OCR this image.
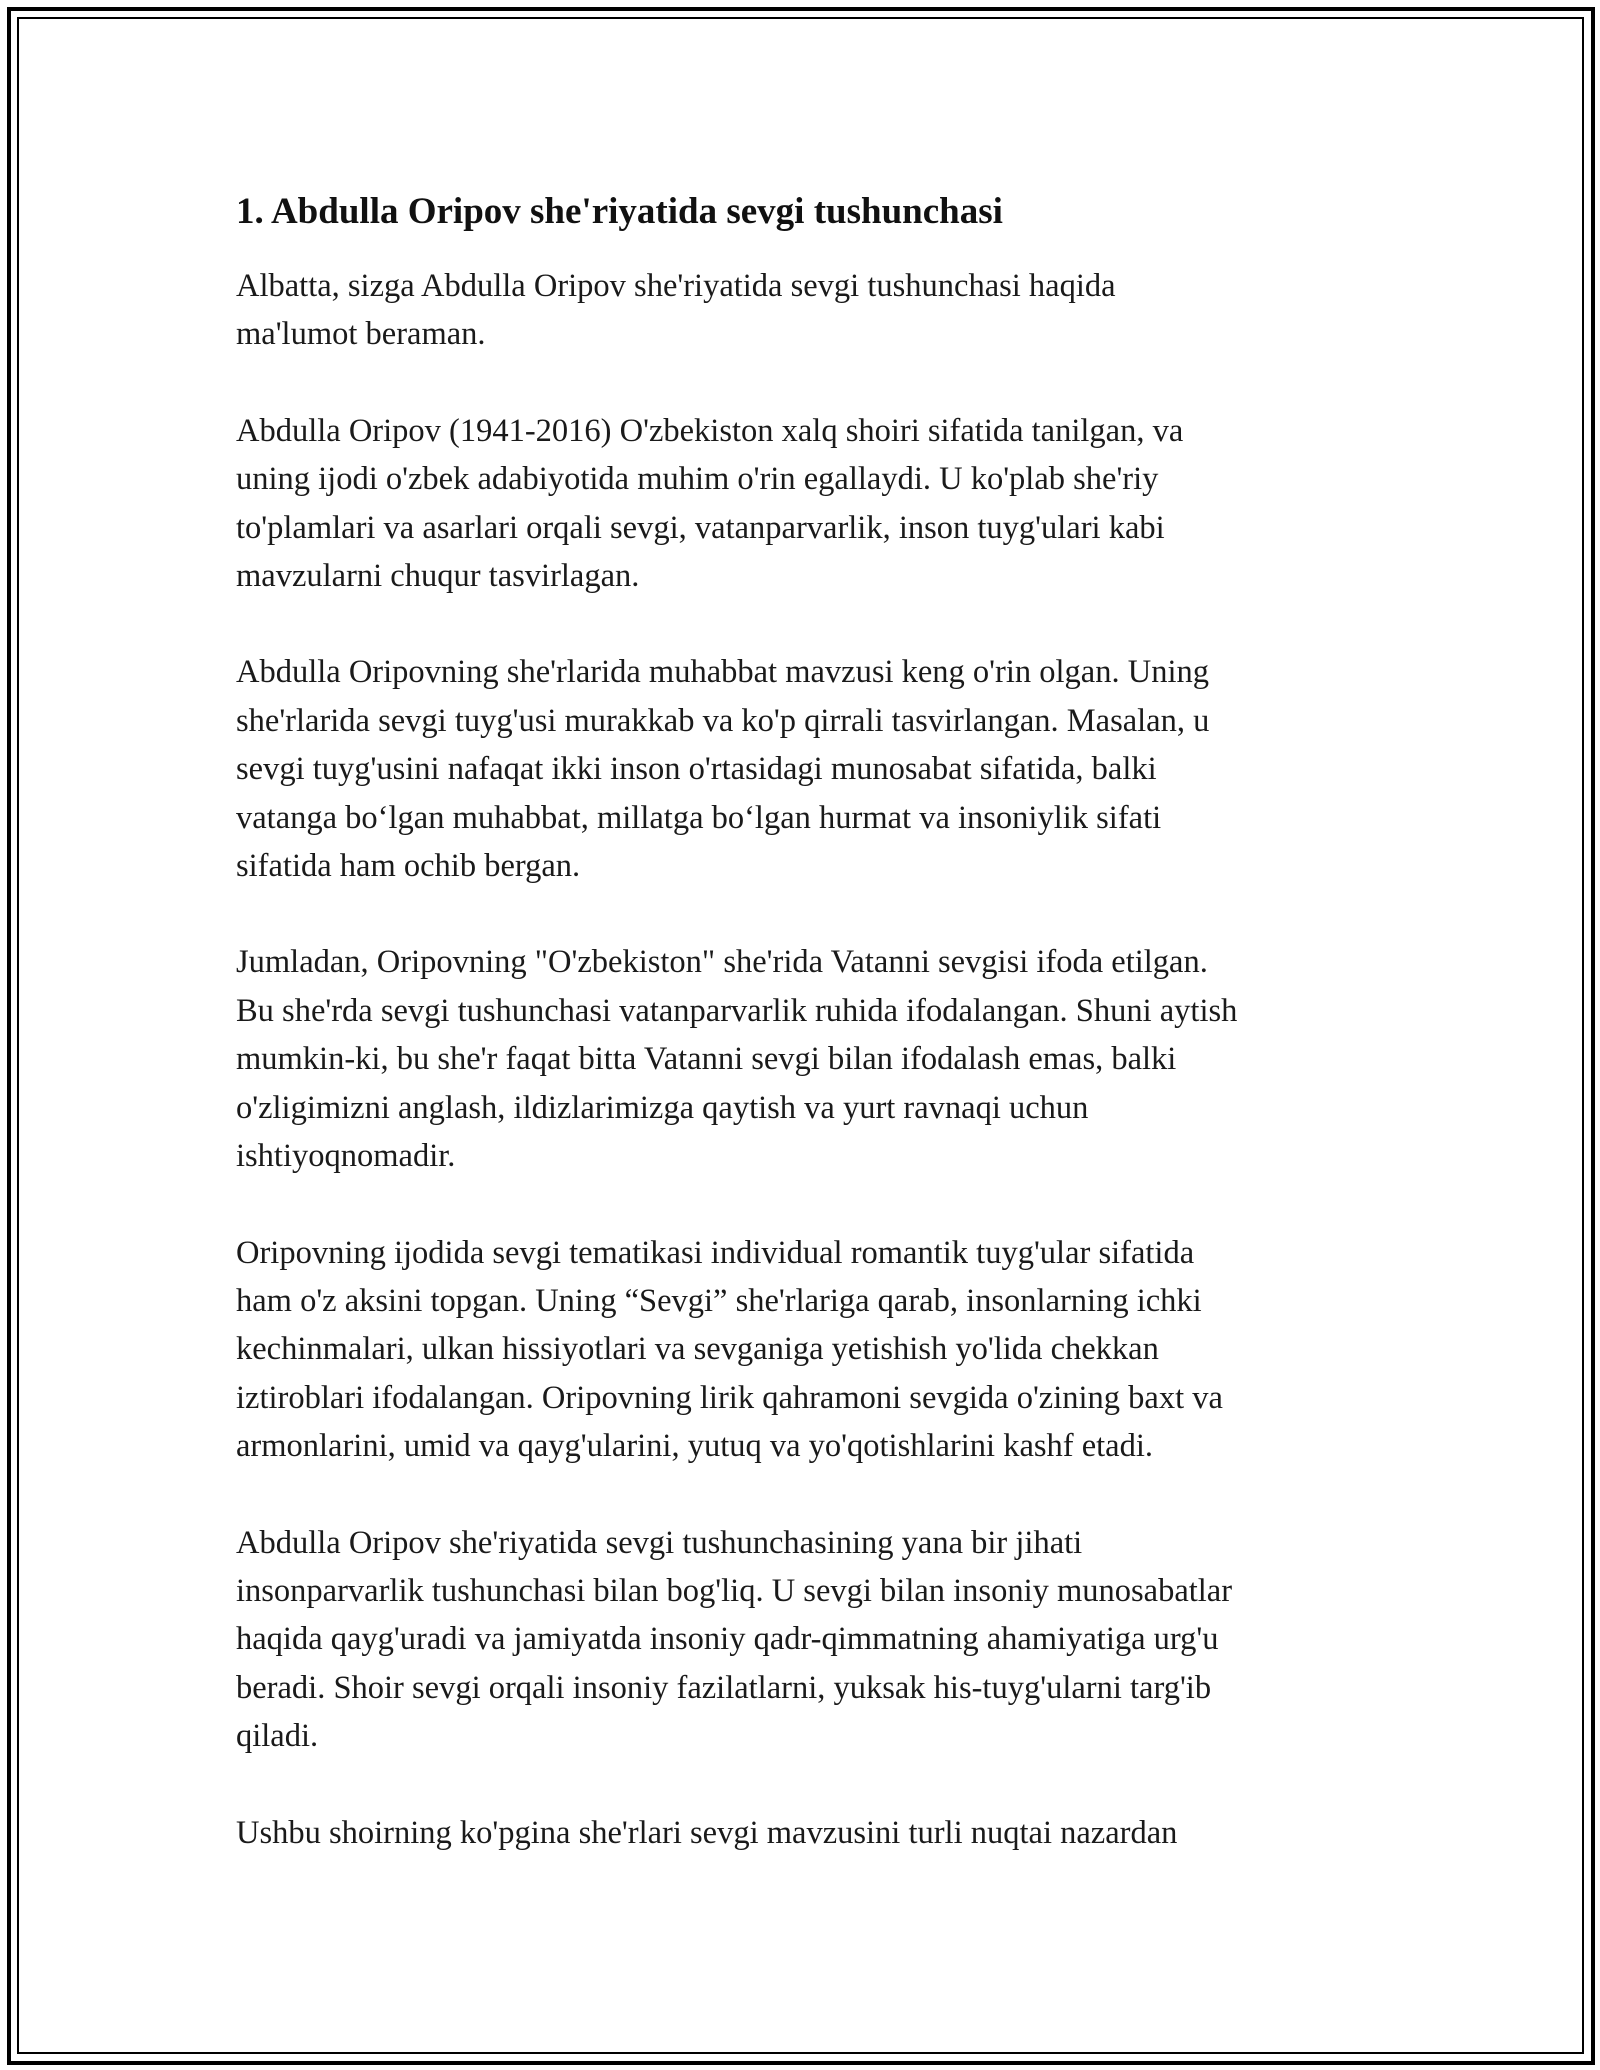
1. Abdulla Oripov she'riyatida sevgi tushunchasi

Albatta, sizga Abdulla Oripov she'riyatida sevgi tushunchasi haqida
ma'lumot beraman.

Abdulla Oripov (1941-2016) O'zbekiston xalq shoiri sifatida tanilgan, va
uning ijodi o'zbek adabiyotida muhim o'rin egallaydi. U ko'plab she'riy
to'plamlari va asarlari orqali sevgi, vatanparvarlik, inson tuyg'ulari kabi
mavzularni chuqur tasvirlagan.

Abdulla Oripovning she'rlarida muhabbat mavzusi keng o'rin olgan. Uning
she'rlarida sevgi tuyg'usi murakkab va ko'p qirrali tasvirlangan. Masalan, u
sevgi tuyg'usini nafaqat ikki inson o'rtasidagi munosabat sifatida, balki
vatanga bo‘lgan muhabbat, millatga bo‘lgan hurmat va insoniylik sifati
sifatida ham ochib bergan.

Jumladan, Oripovning "O'zbekiston" she'rida Vatanni sevgisi ifoda etilgan.
Bu she'rda sevgi tushunchasi vatanparvarlik ruhida ifodalangan. Shuni aytish
mumkin-ki, bu she'r faqat bitta Vatanni sevgi bilan ifodalash emas, balki
o'zligimizni anglash, ildizlarimizga qaytish va yurt ravnaqi uchun
ishtiyoqnomadir.

Oripovning ijodida sevgi tematikasi individual romantik tuyg'ular sifatida
ham o'z aksini topgan. Uning “Sevgi” she'rlariga qarab, insonlarning ichki
kechinmalari, ulkan hissiyotlari va sevganiga yetishish yo'lida chekkan
iztiroblari ifodalangan. Oripovning lirik qahramoni sevgida o'zining baxt va
armonlarini, umid va qayg'ularini, yutuq va yo'qotishlarini kashf etadi.

Abdulla Oripov she'riyatida sevgi tushunchasining yana bir jihati
insonparvarlik tushunchasi bilan bog'liq. U sevgi bilan insoniy munosabatlar
haqida qayg'uradi va jamiyatda insoniy qadr-qimmatning ahamiyatiga urg'u
beradi. Shoir sevgi orqali insoniy fazilatlarni, yuksak his-tuyg'ularni targ'ib
qiladi.

Ushbu shoirning ko'pgina she'rlari sevgi mavzusini turli nuqtai nazardan
